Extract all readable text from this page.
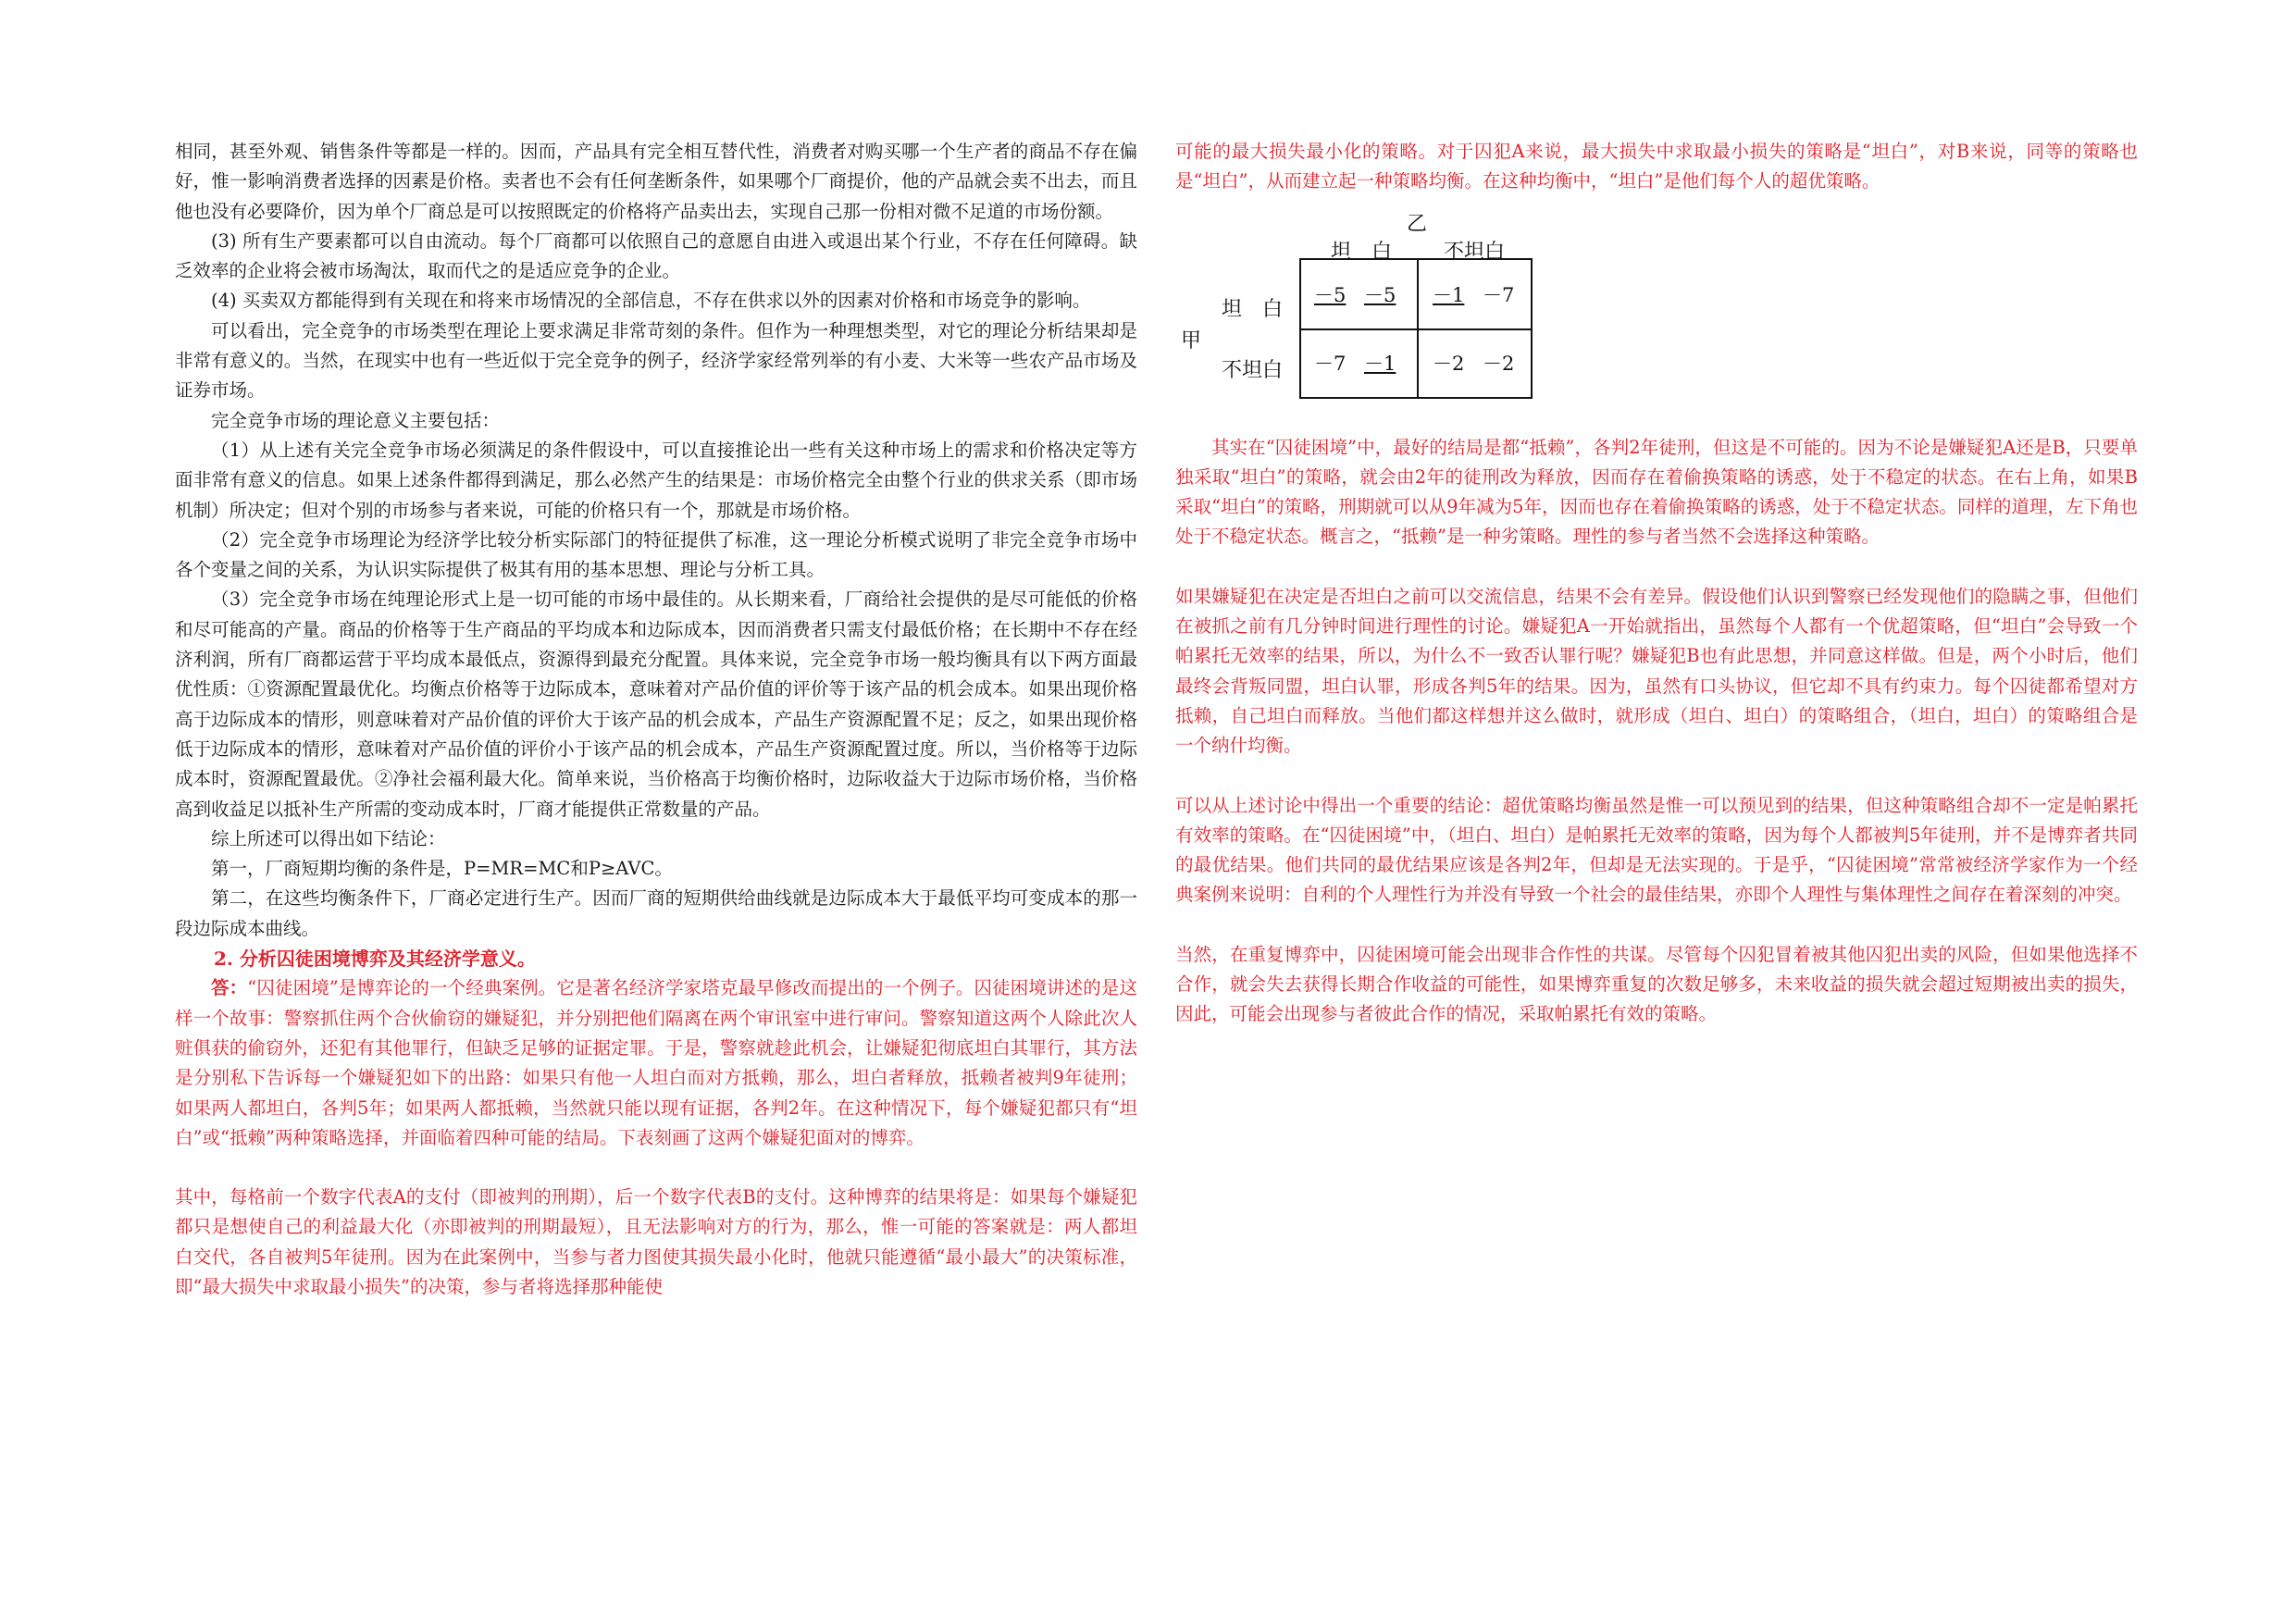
相同，甚至外观、销售条件等都是一样的。因而，产品具有完全相互替代性，消费者对购买哪一个生产者的商品不存在偏好，惟一影响消费者选择的因素是价格。卖者也不会有任何垄断条件，如果哪个厂商提价，他的产品就会卖不出去，而且他也没有必要降价，因为单个厂商总是可以按照既定的价格将产品卖出去，实现自己那一份相对微不足道的市场份额。

(3) 所有生产要素都可以自由流动。每个厂商都可以依照自己的意愿自由进入或退出某个行业，不存在任何障碍。缺乏效率的企业将会被市场淘汰，取而代之的是适应竞争的企业。

(4) 买卖双方都能得到有关现在和将来市场情况的全部信息，不存在供求以外的因素对价格和市场竞争的影响。

可以看出，完全竞争的市场类型在理论上要求满足非常苛刻的条件。但作为一种理想类型，对它的理论分析结果却是非常有意义的。当然，在现实中也有一些近似于完全竞争的例子，经济学家经常列举的有小麦、大米等一些农产品市场及证券市场。

完全竞争市场的理论意义主要包括：

（1）从上述有关完全竞争市场必须满足的条件假设中，可以直接推论出一些有关这种市场上的需求和价格决定等方面非常有意义的信息。如果上述条件都得到满足，那么必然产生的结果是：市场价格完全由整个行业的供求关系（即市场机制）所决定；但对个别的市场参与者来说，可能的价格只有一个，那就是市场价格。

（2）完全竞争市场理论为经济学比较分析实际部门的特征提供了标准，这一理论分析模式说明了非完全竞争市场中各个变量之间的关系，为认识实际提供了极其有用的基本思想、理论与分析工具。

（3）完全竞争市场在纯理论形式上是一切可能的市场中最佳的。从长期来看，厂商给社会提供的是尽可能低的价格和尽可能高的产量。商品的价格等于生产商品的平均成本和边际成本，因而消费者只需支付最低价格；在长期中不存在经济利润，所有厂商都运营于平均成本最低点，资源得到最充分配置。具体来说，完全竞争市场一般均衡具有以下两方面最优性质：①资源配置最优化。均衡点价格等于边际成本，意味着对产品价值的评价等于该产品的机会成本。如果出现价格高于边际成本的情形，则意味着对产品价值的评价大于该产品的机会成本，产品生产资源配置不足；反之，如果出现价格低于边际成本的情形，意味着对产品价值的评价小于该产品的机会成本，产品生产资源配置过度。所以，当价格等于边际成本时，资源配置最优。②净社会福利最大化。简单来说，当价格高于均衡价格时，边际收益大于边际市场价格，当价格高到收益足以抵补生产所需的变动成本时，厂商才能提供正常数量的产品。

综上所述可以得出如下结论：

第一，厂商短期均衡的条件是，P=MR=MC和P≥AVC。

第二，在这些均衡条件下，厂商必定进行生产。因而厂商的短期供给曲线就是边际成本大于最低平均可变成本的那一段边际成本曲线。

2. 分析囚徒困境博弈及其经济学意义。

答：“囚徒困境”是博弈论的一个经典案例。它是著名经济学家塔克最早修改而提出的一个例子。囚徒困境讲述的是这样一个故事：警察抓住两个合伙偷窃的嫌疑犯，并分别把他们隔离在两个审讯室中进行审问。警察知道这两个人除此次人赃俱获的偷窃外，还犯有其他罪行，但缺乏足够的证据定罪。于是，警察就趁此机会，让嫌疑犯彻底坦白其罪行，其方法是分别私下告诉每一个嫌疑犯如下的出路：如果只有他一人坦白而对方抵赖，那么，坦白者释放，抵赖者被判9年徒刑；如果两人都坦白，各判5年；如果两人都抵赖，当然就只能以现有证据，各判2年。在这种情况下，每个嫌疑犯都只有“坦白”或“抵赖”两种策略选择，并面临着四种可能的结局。下表刻画了这两个嫌疑犯面对的博弈。

其中，每格前一个数字代表A的支付（即被判的刑期），后一个数字代表B的支付。这种博弈的结果将是：如果每个嫌疑犯都只是想使自己的利益最大化（亦即被判的刑期最短），且无法影响对方的行为，那么，惟一可能的答案就是：两人都坦白交代，各自被判5年徒刑。因为在此案例中，当参与者力图使其损失最小化时，他就只能遵循“最小最大”的决策标准，即“最大损失中求取最小损失”的决策，参与者将选择那种能使

可能的最大损失最小化的策略。对于囚犯A来说，最大损失中求取最小损失的策略是“坦白”，对B来说，同等的策略也是“坦白”，从而建立起一种策略均衡。在这种均衡中，“坦白”是他们每个人的超优策略。

乙
坦　白	不坦白
坦　白
不坦白
甲
－5 －5 －1 －7
－7 －1 －2 －2

其实在“囚徒困境”中，最好的结局是都“抵赖”，各判2年徒刑，但这是不可能的。因为不论是嫌疑犯A还是B，只要单独采取“坦白”的策略，就会由2年的徒刑改为释放，因而存在着偷换策略的诱惑，处于不稳定的状态。在右上角，如果B采取“坦白”的策略，刑期就可以从9年减为5年，因而也存在着偷换策略的诱惑，处于不稳定状态。同样的道理，左下角也处于不稳定状态。概言之，“抵赖”是一种劣策略。理性的参与者当然不会选择这种策略。

如果嫌疑犯在决定是否坦白之前可以交流信息，结果不会有差异。假设他们认识到警察已经发现他们的隐瞒之事，但他们在被抓之前有几分钟时间进行理性的讨论。嫌疑犯A一开始就指出，虽然每个人都有一个优超策略，但“坦白”会导致一个帕累托无效率的结果，所以，为什么不一致否认罪行呢？嫌疑犯B也有此思想，并同意这样做。但是，两个小时后，他们最终会背叛同盟，坦白认罪，形成各判5年的结果。因为，虽然有口头协议，但它却不具有约束力。每个囚徒都希望对方抵赖，自己坦白而释放。当他们都这样想并这么做时，就形成（坦白、坦白）的策略组合，（坦白，坦白）的策略组合是一个纳什均衡。

可以从上述讨论中得出一个重要的结论：超优策略均衡虽然是惟一可以预见到的结果，但这种策略组合却不一定是帕累托有效率的策略。在“囚徒困境”中，（坦白、坦白）是帕累托无效率的策略，因为每个人都被判5年徒刑，并不是博弈者共同的最优结果。他们共同的最优结果应该是各判2年，但却是无法实现的。于是乎，“囚徒困境”常常被经济学家作为一个经典案例来说明：自利的个人理性行为并没有导致一个社会的最佳结果，亦即个人理性与集体理性之间存在着深刻的冲突。

当然，在重复博弈中，囚徒困境可能会出现非合作性的共谋。尽管每个囚犯冒着被其他囚犯出卖的风险，但如果他选择不合作，就会失去获得长期合作收益的可能性，如果博弈重复的次数足够多，未来收益的损失就会超过短期被出卖的损失，因此，可能会出现参与者彼此合作的情况，采取帕累托有效的策略。
